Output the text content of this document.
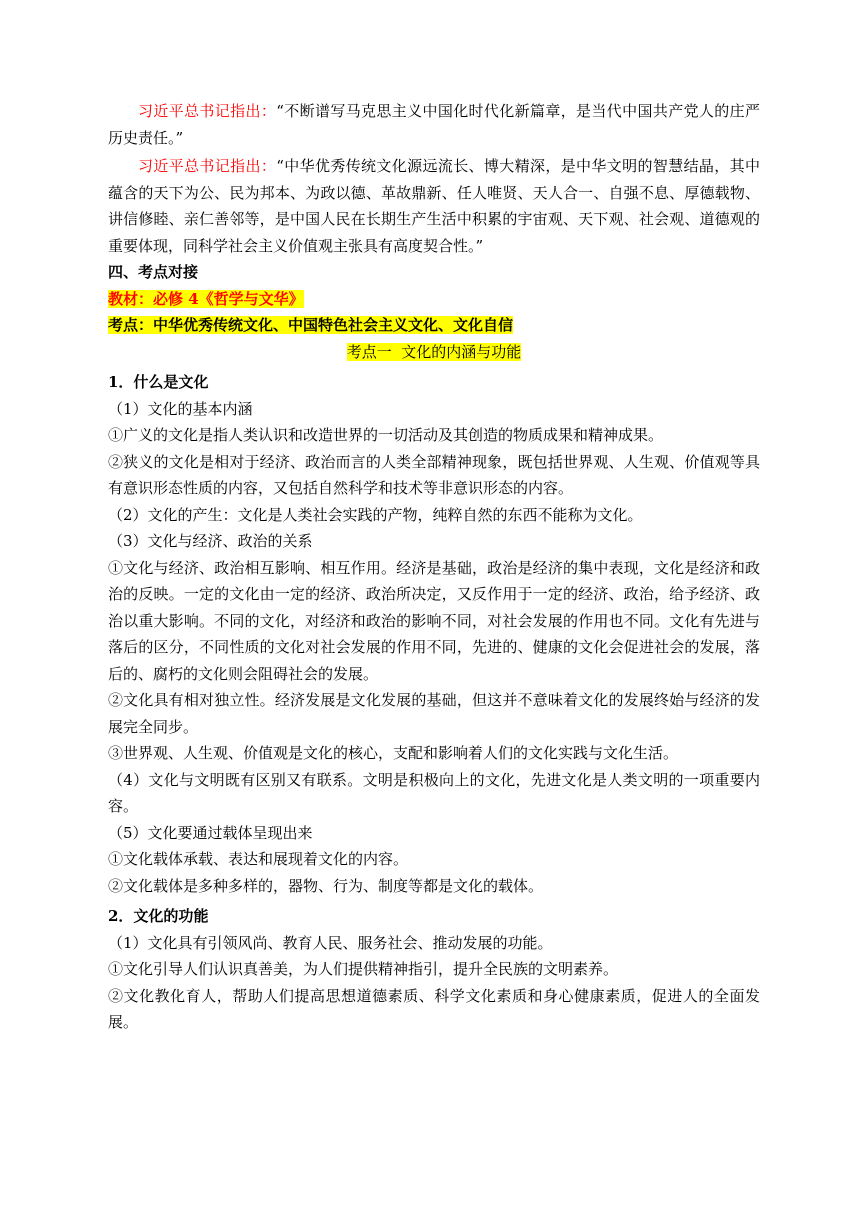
习近平总书记指出：“不断谱写马克思主义中国化时代化新篇章，是当代中国共产党人的庄严历史责任。”

习近平总书记指出：“中华优秀传统文化源远流长、博大精深，是中华文明的智慧结晶，其中蕴含的天下为公、民为邦本、为政以德、革故鼎新、任人唯贤、天人合一、自强不息、厚德载物、讲信修睦、亲仁善邻等，是中国人民在长期生产生活中积累的宇宙观、天下观、社会观、道德观的重要体现，同科学社会主义价值观主张具有高度契合性。”

四、考点对接

教材：必修 4《哲学与文华》

考点：中华优秀传统文化、中国特色社会主义文化、文化自信

考点一  文化的内涵与功能

1．什么是文化

（1）文化的基本内涵

①广义的文化是指人类认识和改造世界的一切活动及其创造的物质成果和精神成果。

②狭义的文化是相对于经济、政治而言的人类全部精神现象，既包括世界观、人生观、价值观等具有意识形态性质的内容，又包括自然科学和技术等非意识形态的内容。

（2）文化的产生：文化是人类社会实践的产物，纯粹自然的东西不能称为文化。

（3）文化与经济、政治的关系

①文化与经济、政治相互影响、相互作用。经济是基础，政治是经济的集中表现，文化是经济和政治的反映。一定的文化由一定的经济、政治所决定，又反作用于一定的经济、政治，给予经济、政治以重大影响。不同的文化，对经济和政治的影响不同，对社会发展的作用也不同。文化有先进与落后的区分，不同性质的文化对社会发展的作用不同，先进的、健康的文化会促进社会的发展，落后的、腐朽的文化则会阻碍社会的发展。

②文化具有相对独立性。经济发展是文化发展的基础，但这并不意味着文化的发展终始与经济的发展完全同步。

③世界观、人生观、价值观是文化的核心，支配和影响着人们的文化实践与文化生活。

（4）文化与文明既有区别又有联系。文明是积极向上的文化，先进文化是人类文明的一项重要内容。

（5）文化要通过载体呈现出来

①文化载体承载、表达和展现着文化的内容。

②文化载体是多种多样的，器物、行为、制度等都是文化的载体。

2．文化的功能

（1）文化具有引领风尚、教育人民、服务社会、推动发展的功能。

①文化引导人们认识真善美，为人们提供精神指引，提升全民族的文明素养。

②文化教化育人，帮助人们提高思想道德素质、科学文化素质和身心健康素质，促进人的全面发展。
